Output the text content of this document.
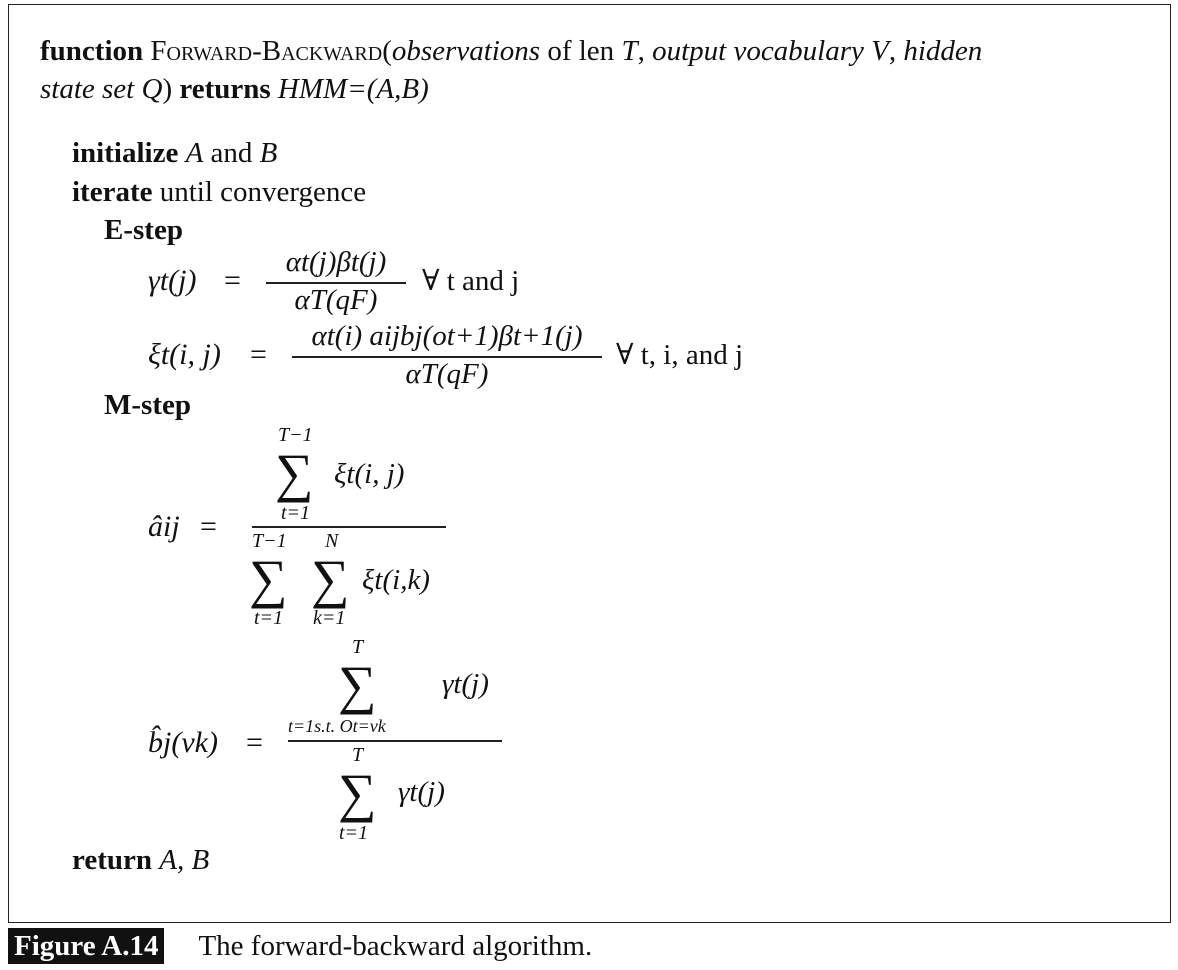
function Forward-Backward(observations of len T, output vocabulary V, hidden
state set Q) returns HMM=(A,B)
initialize A and B
iterate until convergence
E-step
γt(j) =
αt(j)βt(j)
αT(qF)
∀ t and j
ξt(i, j) =
αt(i) aijbj(ot+1)βt+1(j)
αT(qF)
∀ t, i, and j
M-step
âij =
T−1
∑
t=1
ξt(i, j)
T−1
∑
t=1
N
∑
k=1
ξt(i,k)
b̂j(vk) =
T
∑
t=1s.t. Ot=vk
γt(j)
T
∑
t=1
γt(j)
return A, B
Figure A.14 The forward-backward algorithm.
